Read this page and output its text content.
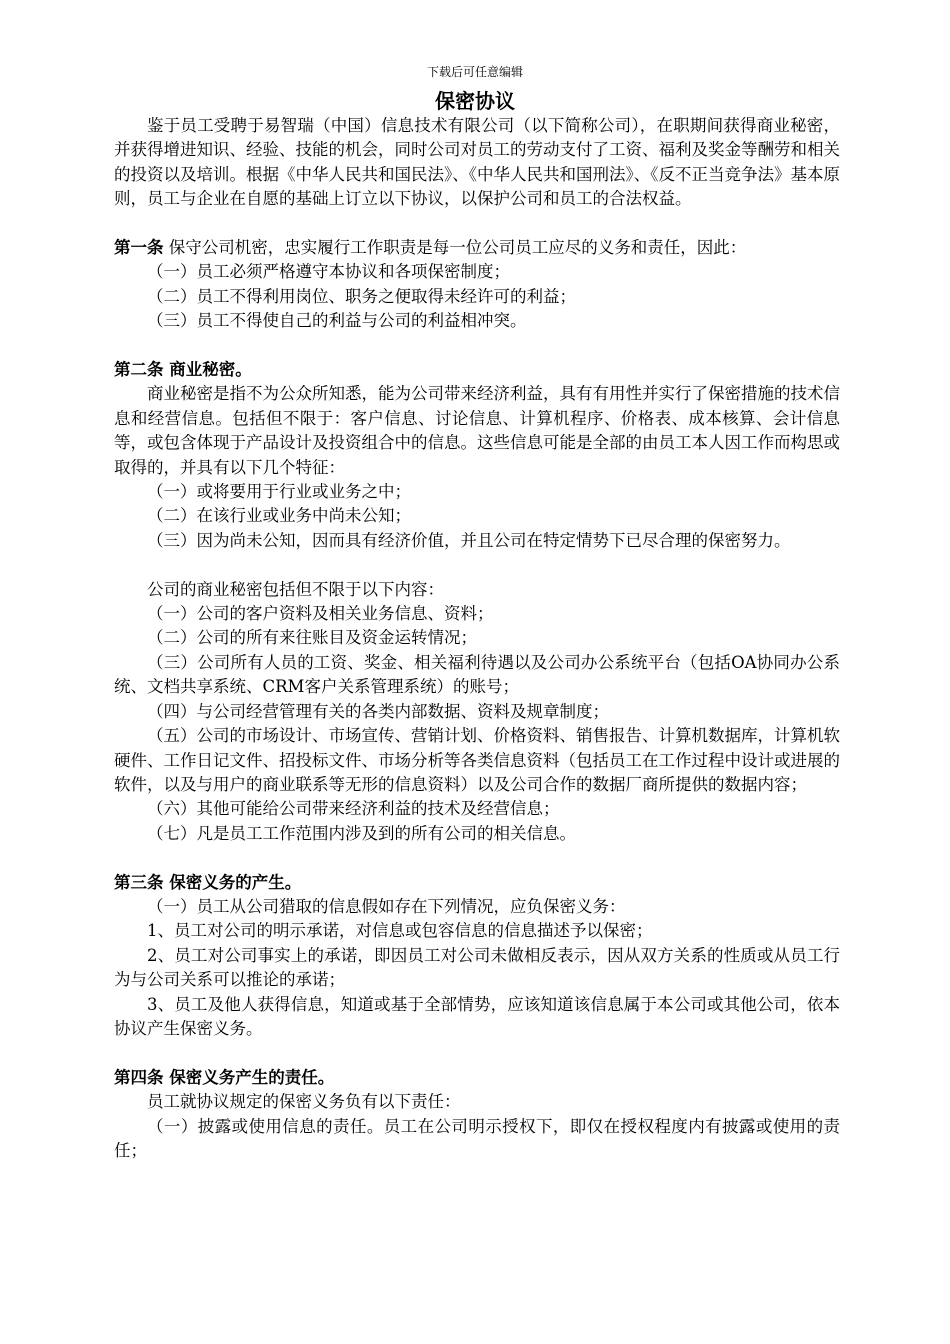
下载后可任意编辑
保密协议

鉴于员工受聘于易智瑞（中国）信息技术有限公司（以下简称公司），在职期间获得商业秘密，并获得增进知识、经验、技能的机会，同时公司对员工的劳动支付了工资、福利及奖金等酬劳和相关的投资以及培训。根据《中华人民共和国民法》、《中华人民共和国刑法》、《反不正当竞争法》基本原则，员工与企业在自愿的基础上订立以下协议，以保护公司和员工的合法权益。

第一条 保守公司机密，忠实履行工作职责是每一位公司员工应尽的义务和责任，因此：

（一）员工必须严格遵守本协议和各项保密制度；

（二）员工不得利用岗位、职务之便取得未经许可的利益；

（三）员工不得使自己的利益与公司的利益相冲突。

第二条 商业秘密。

商业秘密是指不为公众所知悉，能为公司带来经济利益，具有有用性并实行了保密措施的技术信息和经营信息。包括但不限于：客户信息、讨论信息、计算机程序、价格表、成本核算、会计信息等，或包含体现于产品设计及投资组合中的信息。这些信息可能是全部的由员工本人因工作而构思或取得的，并具有以下几个特征：

（一）或将要用于行业或业务之中；

（二）在该行业或业务中尚未公知；

（三）因为尚未公知，因而具有经济价值，并且公司在特定情势下已尽合理的保密努力。

公司的商业秘密包括但不限于以下内容：

（一）公司的客户资料及相关业务信息、资料；

（二）公司的所有来往账目及资金运转情况；

（三）公司所有人员的工资、奖金、相关福利待遇以及公司办公系统平台（包括OA协同办公系统、文档共享系统、CRM客户关系管理系统）的账号；

（四）与公司经营管理有关的各类内部数据、资料及规章制度；

（五）公司的市场设计、市场宣传、营销计划、价格资料、销售报告、计算机数据库，计算机软硬件、工作日记文件、招投标文件、市场分析等各类信息资料（包括员工在工作过程中设计或进展的软件，以及与用户的商业联系等无形的信息资料）以及公司合作的数据厂商所提供的数据内容；

（六）其他可能给公司带来经济利益的技术及经营信息；

（七）凡是员工工作范围内涉及到的所有公司的相关信息。

第三条 保密义务的产生。

（一）员工从公司猎取的信息假如存在下列情况，应负保密义务：

1、员工对公司的明示承诺，对信息或包容信息的信息描述予以保密；

2、员工对公司事实上的承诺，即因员工对公司未做相反表示，因从双方关系的性质或从员工行为与公司关系可以推论的承诺；

3、员工及他人获得信息，知道或基于全部情势，应该知道该信息属于本公司或其他公司，依本协议产生保密义务。

第四条 保密义务产生的责任。

员工就协议规定的保密义务负有以下责任：

（一）披露或使用信息的责任。员工在公司明示授权下，即仅在授权程度内有披露或使用的责任；
